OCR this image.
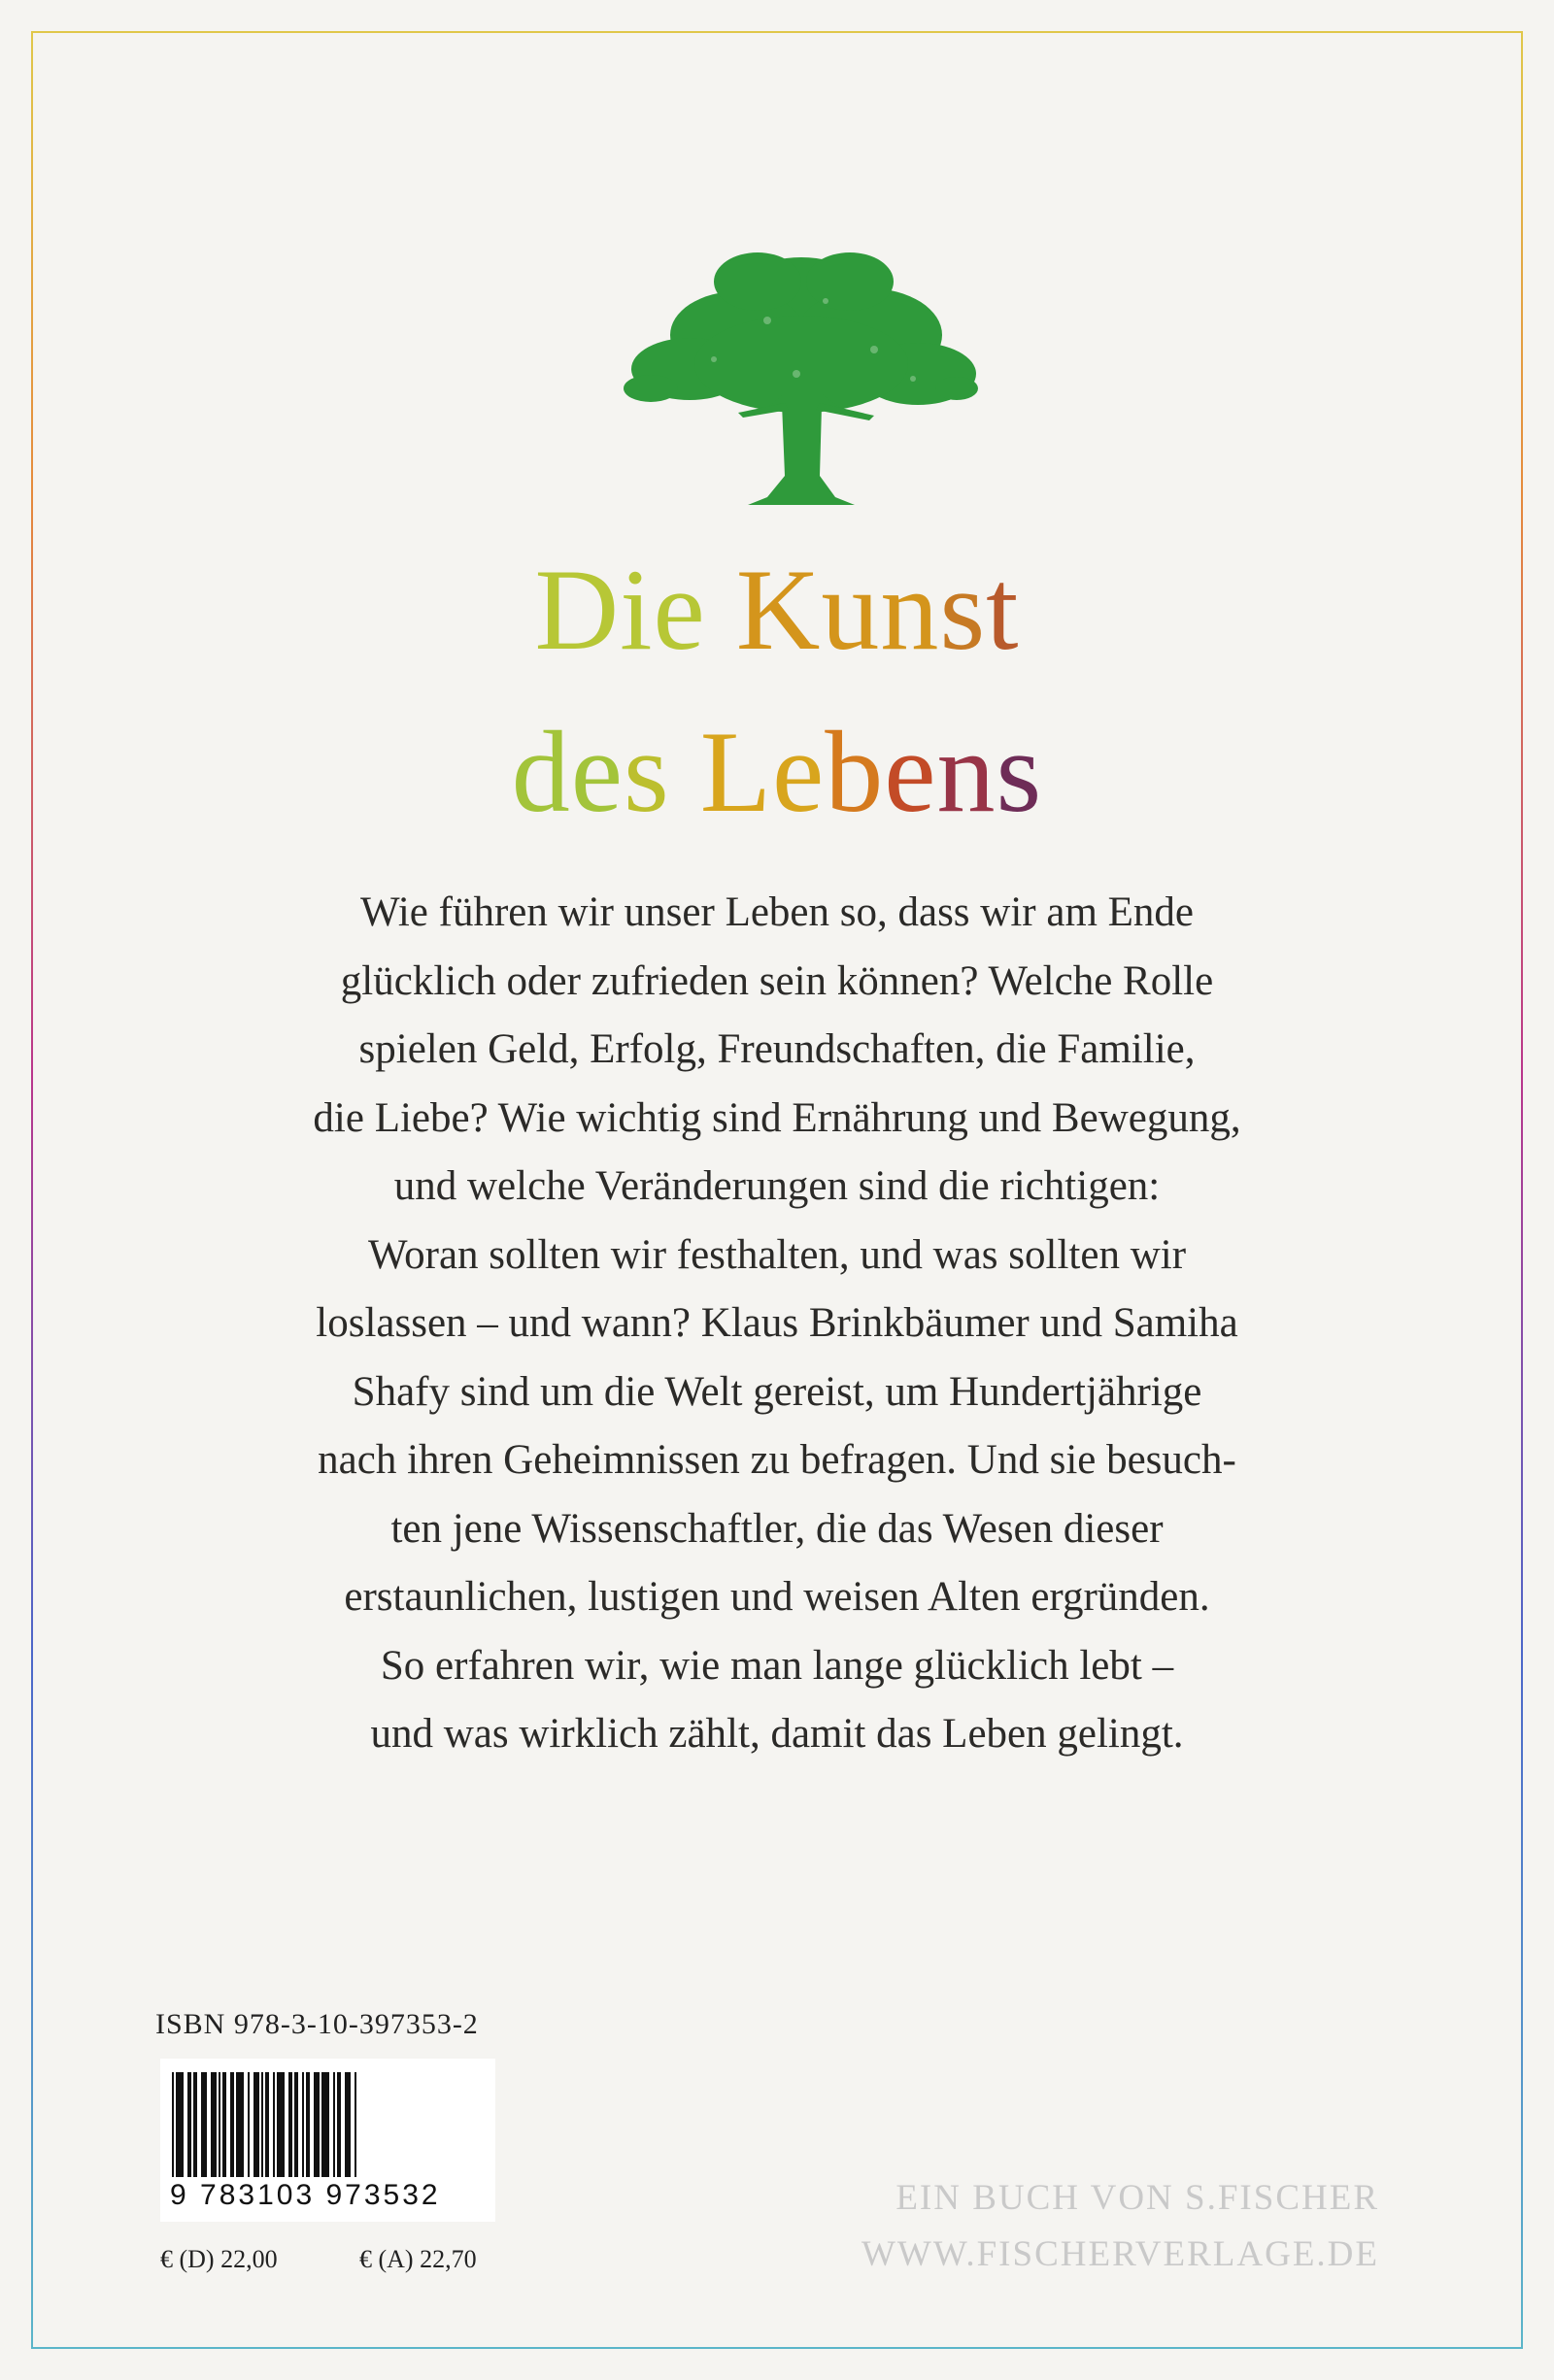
Die Kunst
des Lebens
Wie führen wir unser Leben so, dass wir am Ende
glücklich oder zufrieden sein können? Welche Rolle
spielen Geld, Erfolg, Freundschaften, die Familie,
die Liebe? Wie wichtig sind Ernährung und Bewegung,
und welche Veränderungen sind die richtigen:
Woran sollten wir festhalten, und was sollten wir
loslassen – und wann? Klaus Brinkbäumer und Samiha
Shafy sind um die Welt gereist, um Hundertjährige
nach ihren Geheimnissen zu befragen. Und sie besuch-
ten jene Wissenschaftler, die das Wesen dieser
erstaunlichen, lustigen und weisen Alten ergründen.
So erfahren wir, wie man lange glücklich lebt –
und was wirklich zählt, damit das Leben gelingt.
ISBN 978-3-10-397353-2
9 783103 973532
€ (D) 22,00	€ (A) 22,70
EIN BUCH VON S.FISCHER
WWW.FISCHERVERLAGE.DE
